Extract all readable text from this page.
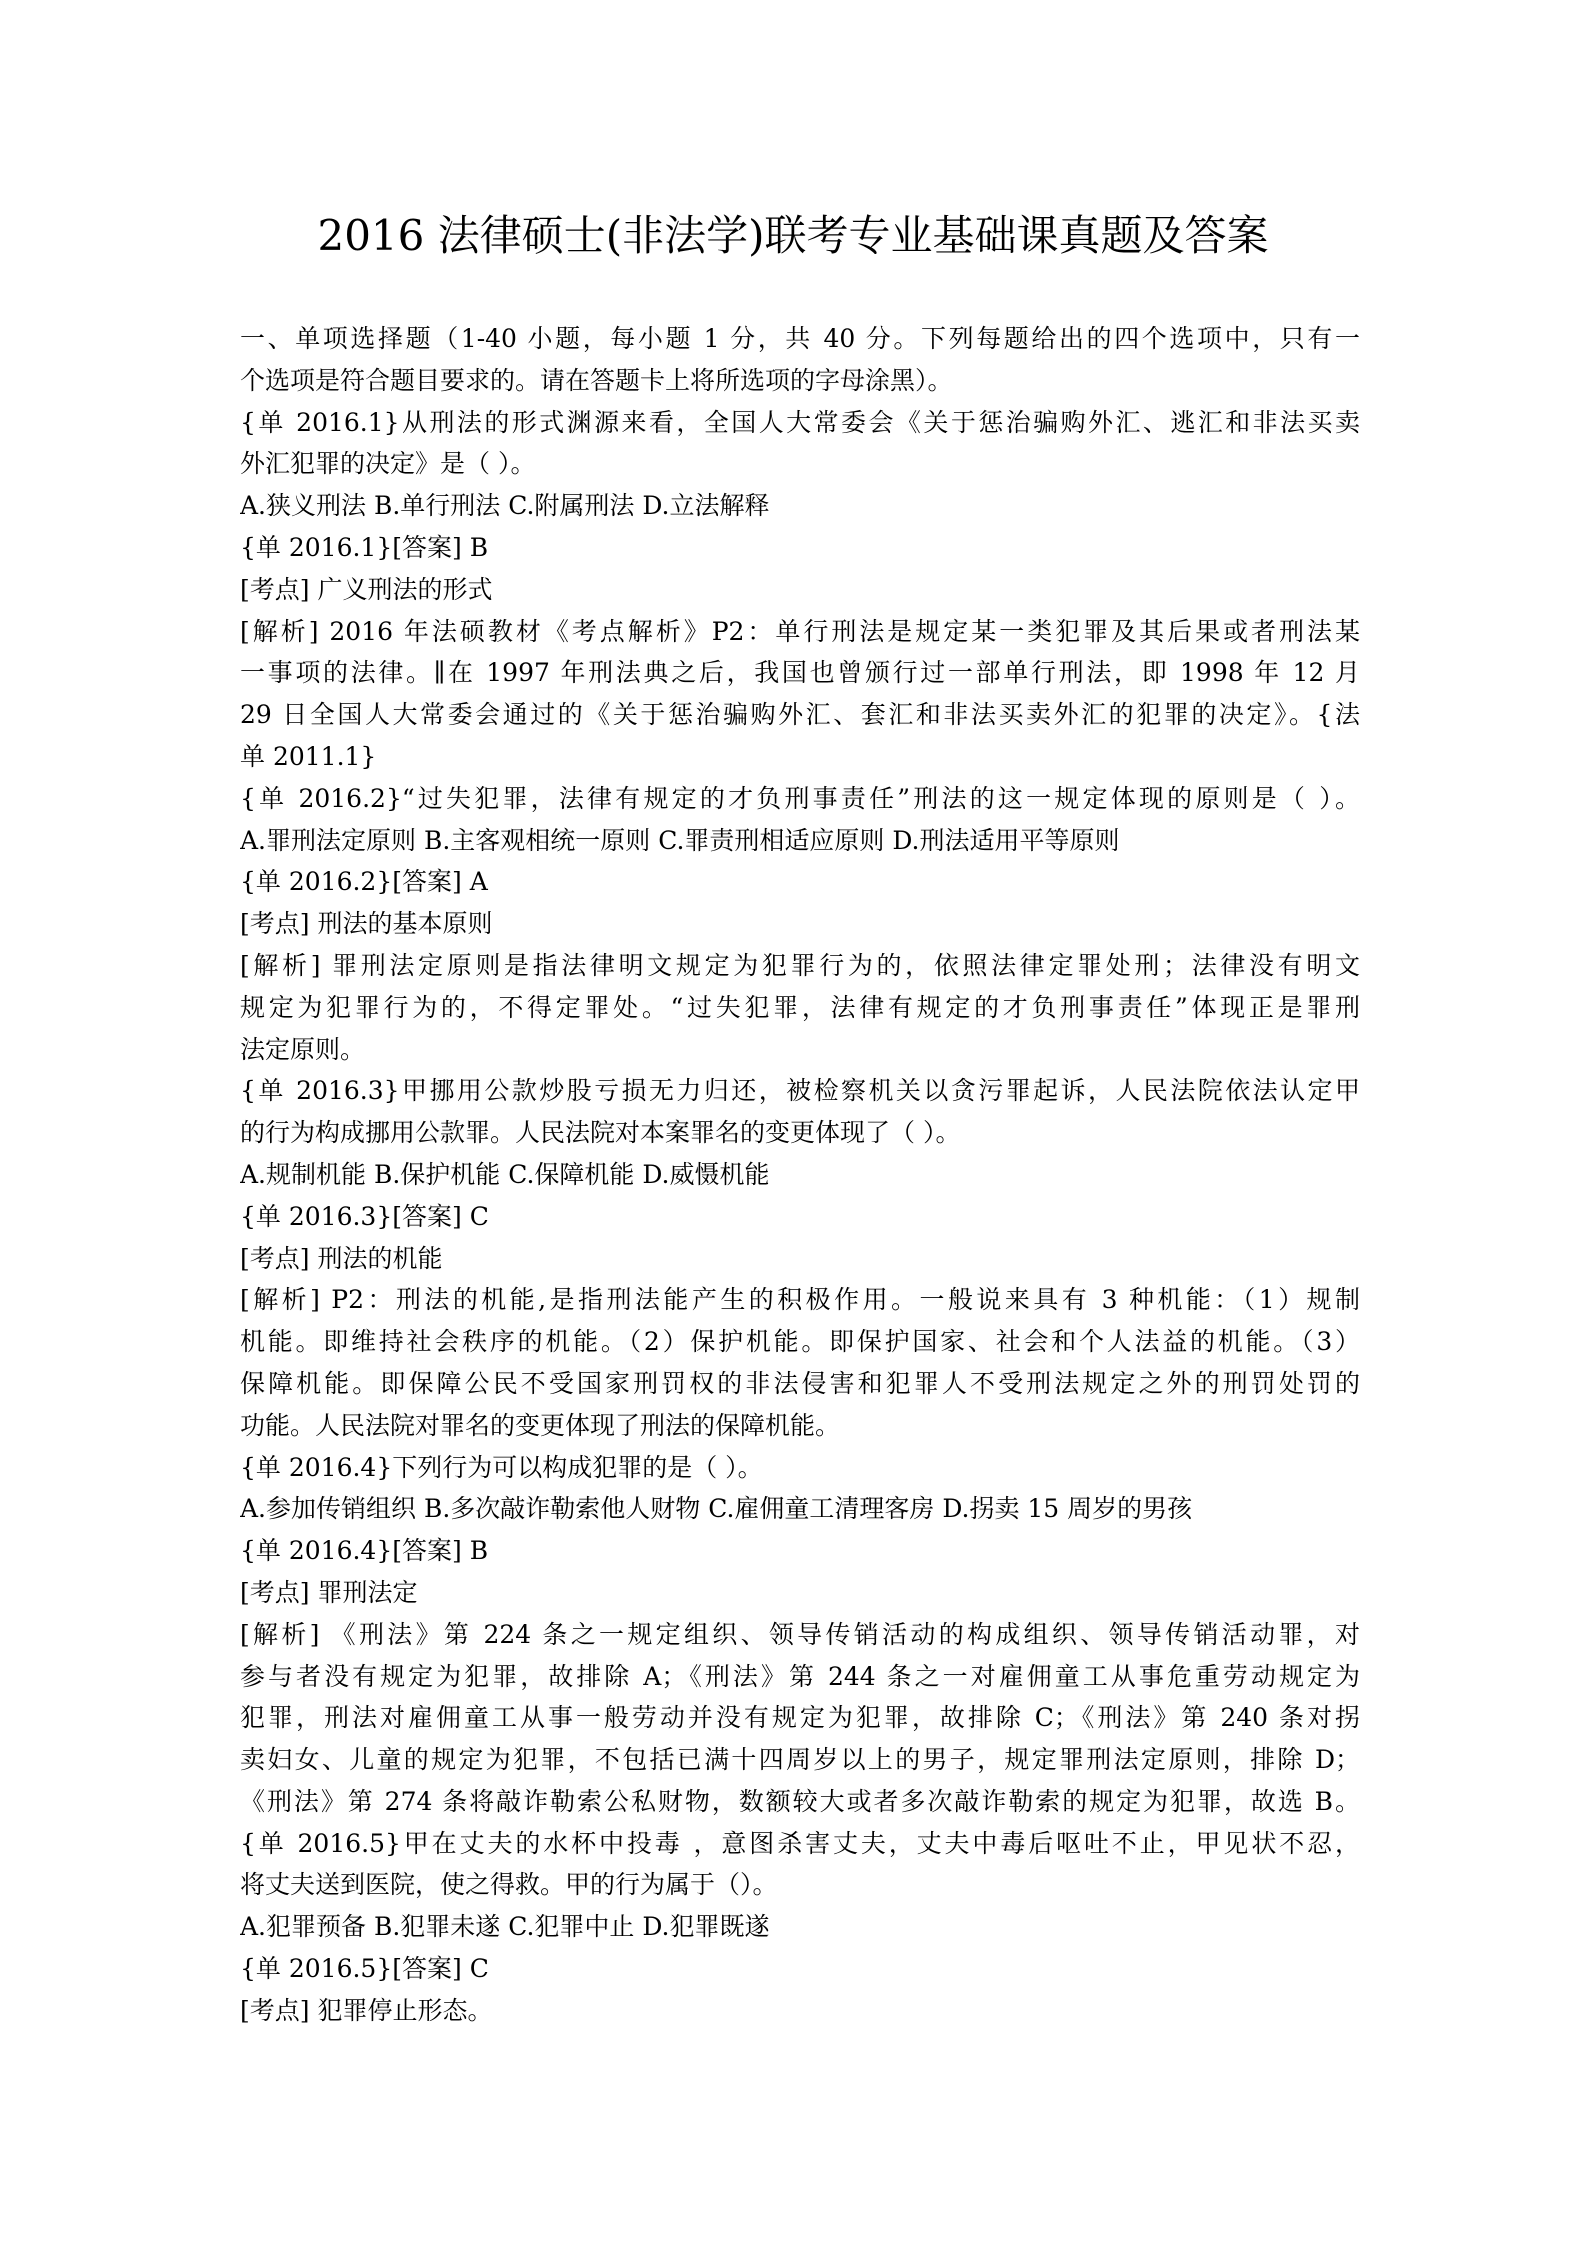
2016 法律硕士(非法学)联考专业基础课真题及答案
一、单项选择题（1-40 小题，每小题 1 分，共 40 分。下列每题给出的四个选项中，只有一
个选项是符合题目要求的。请在答题卡上将所选项的字母涂黑）。
{单 2016.1}从刑法的形式渊源来看，全国人大常委会《关于惩治骗购外汇、逃汇和非法买卖
外汇犯罪的决定》是（ ）。
A.狭义刑法 B.单行刑法 C.附属刑法 D.立法解释
{单 2016.1}[答案] B
[考点] 广义刑法的形式
[解析] 2016 年法硕教材《考点解析》P2：单行刑法是规定某一类犯罪及其后果或者刑法某
一事项的法律。∥在 1997 年刑法典之后，我国也曾颁行过一部单行刑法，即 1998 年 12 月
29 日全国人大常委会通过的《关于惩治骗购外汇、套汇和非法买卖外汇的犯罪的决定》。{法
单 2011.1}
{单 2016.2}“过失犯罪，法律有规定的才负刑事责任”刑法的这一规定体现的原则是（ ）。
A.罪刑法定原则 B.主客观相统一原则 C.罪责刑相适应原则 D.刑法适用平等原则
{单 2016.2}[答案] A
[考点] 刑法的基本原则
[解析] 罪刑法定原则是指法律明文规定为犯罪行为的，依照法律定罪处刑；法律没有明文
规定为犯罪行为的，不得定罪处。“过失犯罪，法律有规定的才负刑事责任”体现正是罪刑
法定原则。
{单 2016.3}甲挪用公款炒股亏损无力归还，被检察机关以贪污罪起诉，人民法院依法认定甲
的行为构成挪用公款罪。人民法院对本案罪名的变更体现了（ ）。
A.规制机能 B.保护机能 C.保障机能 D.威慑机能
{单 2016.3}[答案] C
[考点] 刑法的机能
[解析] P2：刑法的机能,是指刑法能产生的积极作用。一般说来具有 3 种机能：（1）规制
机能。即维持社会秩序的机能。（2）保护机能。即保护国家、社会和个人法益的机能。（3）
保障机能。即保障公民不受国家刑罚权的非法侵害和犯罪人不受刑法规定之外的刑罚处罚的
功能。人民法院对罪名的变更体现了刑法的保障机能。
{单 2016.4}下列行为可以构成犯罪的是（ ）。
A.参加传销组织 B.多次敲诈勒索他人财物 C.雇佣童工清理客房 D.拐卖 15 周岁的男孩
{单 2016.4}[答案] B
[考点] 罪刑法定
[解析] 《刑法》第 224 条之一规定组织、领导传销活动的构成组织、领导传销活动罪，对
参与者没有规定为犯罪，故排除 A；《刑法》第 244 条之一对雇佣童工从事危重劳动规定为
犯罪，刑法对雇佣童工从事一般劳动并没有规定为犯罪，故排除 C；《刑法》第 240 条对拐
卖妇女、儿童的规定为犯罪，不包括已满十四周岁以上的男子，规定罪刑法定原则，排除 D；
《刑法》第 274 条将敲诈勒索公私财物，数额较大或者多次敲诈勒索的规定为犯罪，故选 B。
{单 2016.5}甲在丈夫的水杯中投毒 ，意图杀害丈夫，丈夫中毒后呕吐不止，甲见状不忍，
将丈夫送到医院，使之得救。甲的行为属于（）。
A.犯罪预备 B.犯罪未遂 C.犯罪中止 D.犯罪既遂
{单 2016.5}[答案] C
[考点] 犯罪停止形态。
